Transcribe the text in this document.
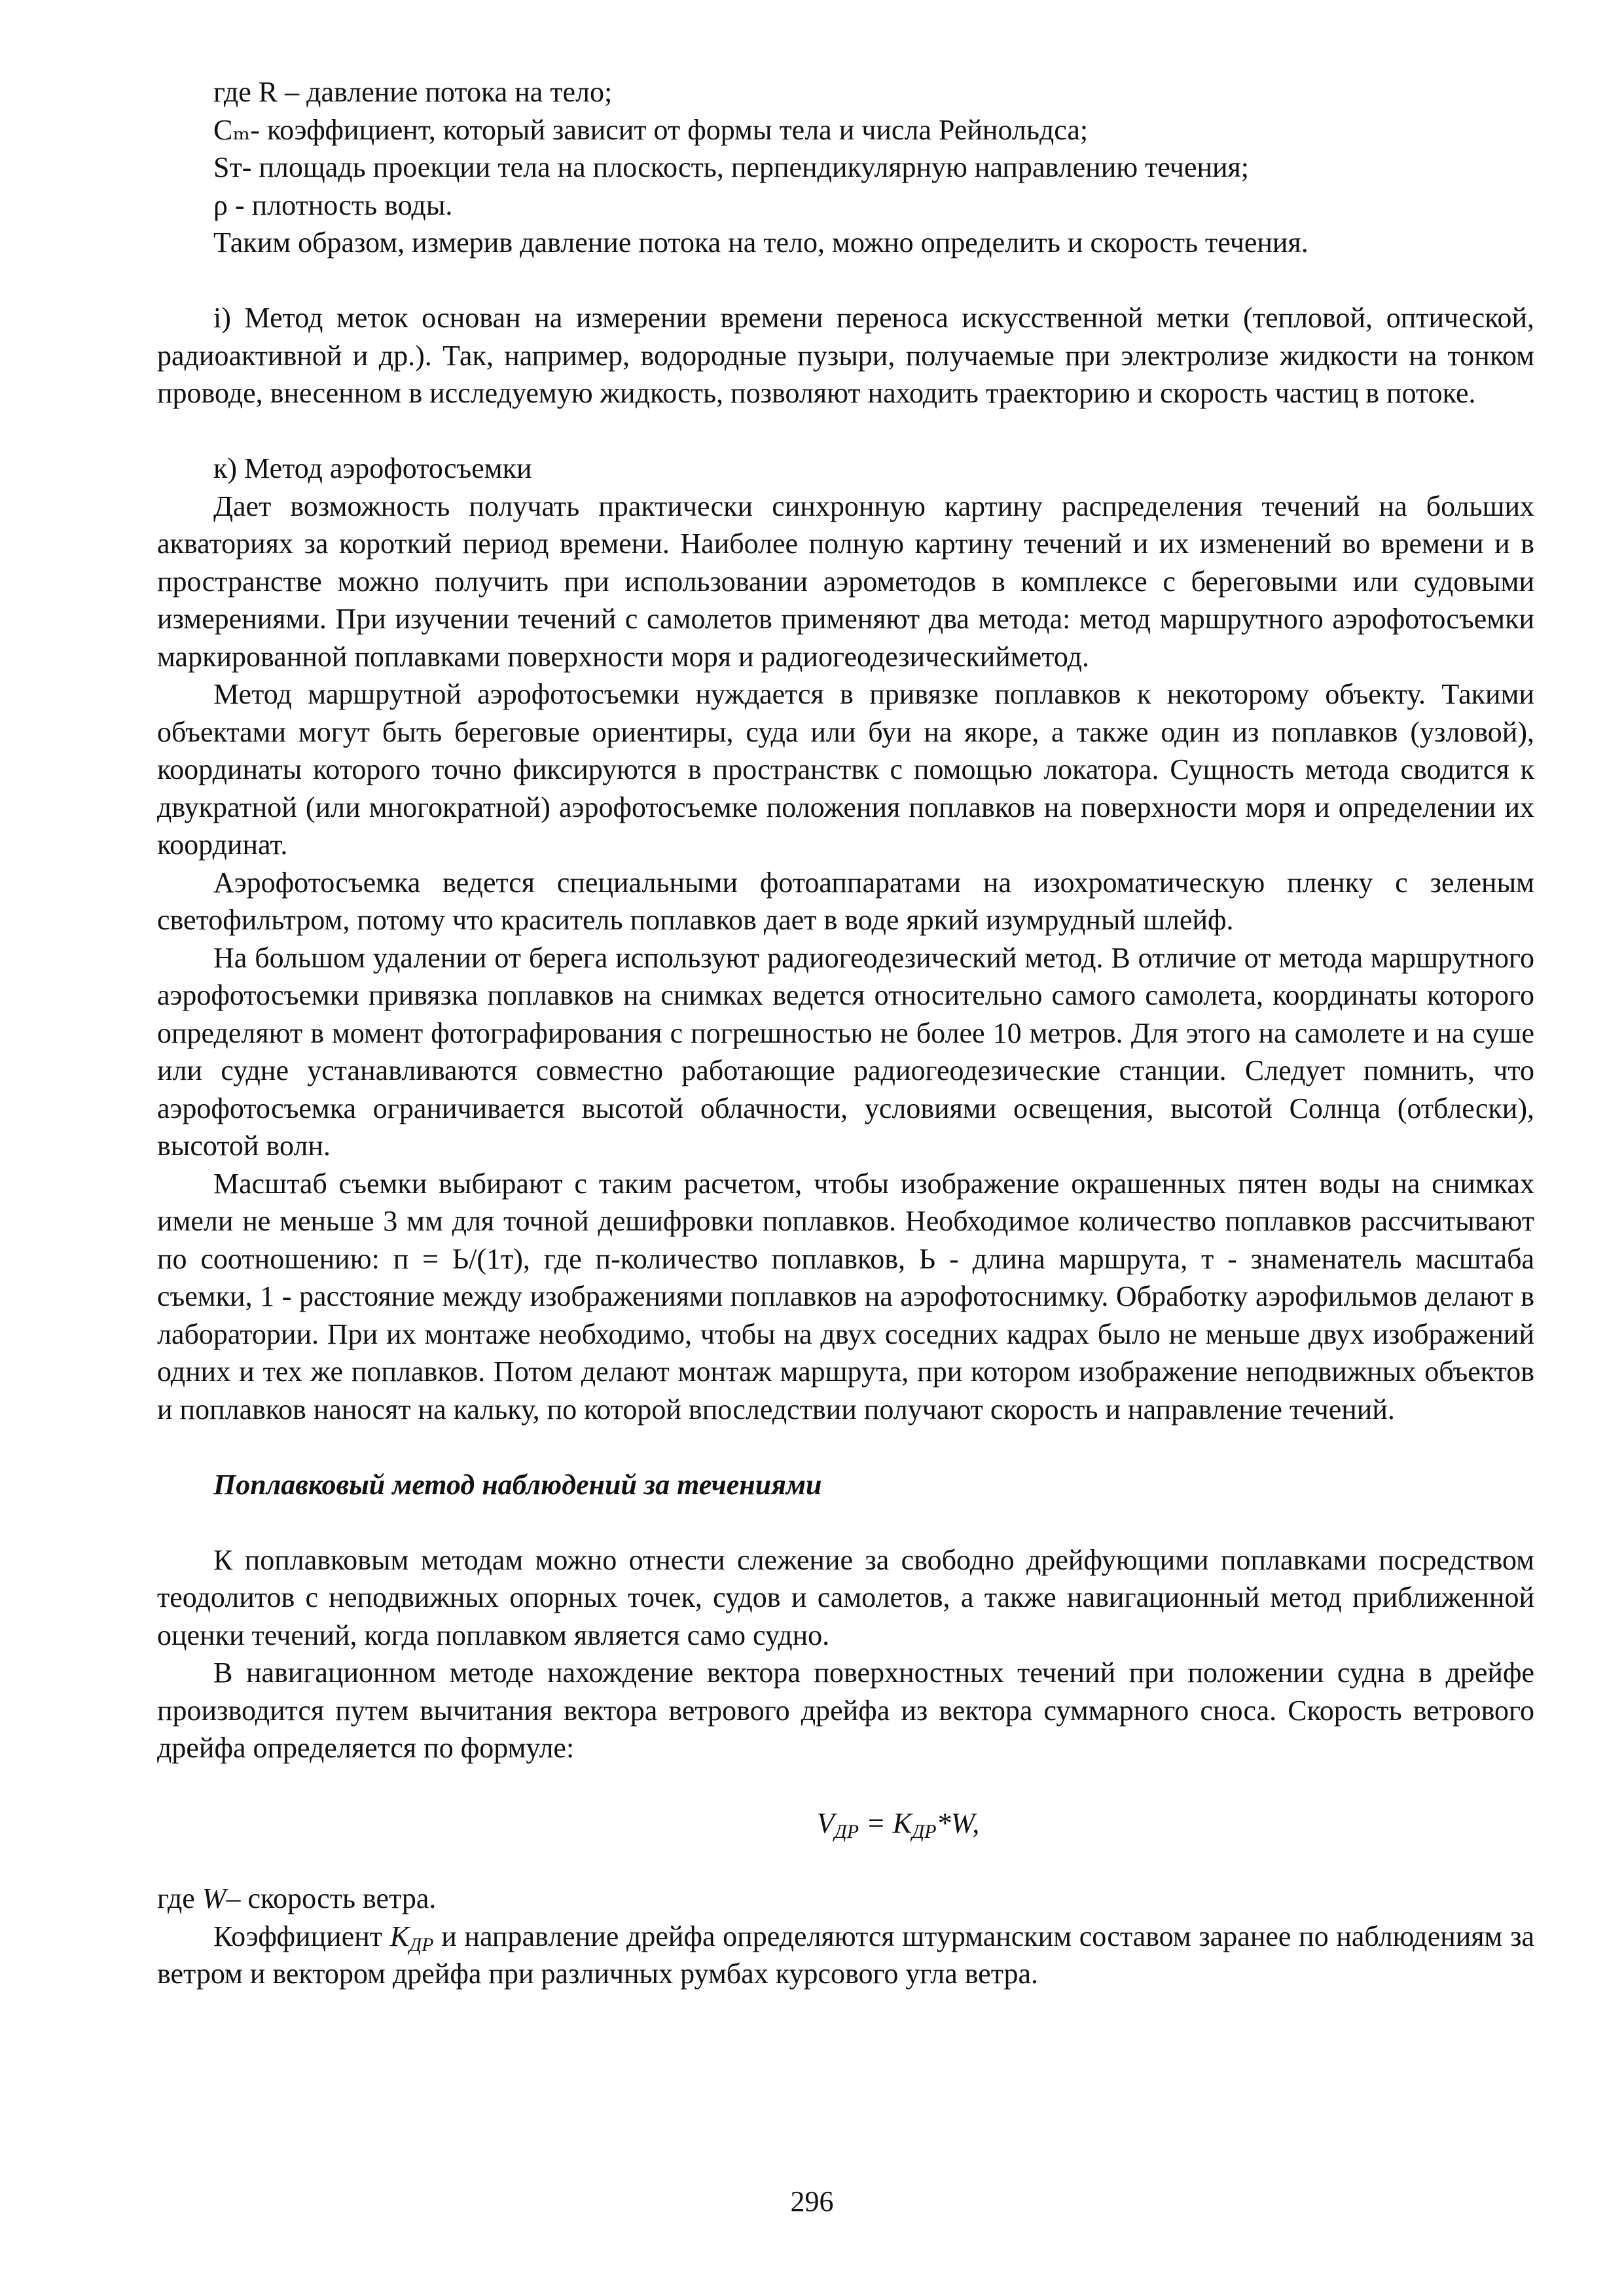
где R – давление потока на тело;

Cₘ- коэффициент, который зависит от формы тела и числа Рейнольдса;

Sт- площадь проекции тела на плоскость, перпендикулярную направлению течения;

ρ - плотность воды.

Таким образом, измерив давление потока на тело, можно определить и скорость течения.

i) Метод меток основан на измерении времени переноса искусственной метки (тепловой, оптической, радиоактивной и др.). Так, например, водородные пузыри, получаемые при электролизе жидкости на тонком проводе, внесенном в исследуемую жидкость, позволяют находить траекторию и скорость частиц в потоке.

к) Метод аэрофотосъемки

Дает возможность получать практически синхронную картину распределения течений на больших акваториях за короткий период времени. Наиболее полную картину течений и их изменений во времени и в пространстве можно получить при использовании аэрометодов в комплексе с береговыми или судовыми измерениями. При изучении течений с самолетов применяют два метода: метод маршрутного аэрофотосъемки маркированной поплавками поверхности моря и радиогеодезическийметод.

Метод маршрутной аэрофотосъемки нуждается в привязке поплавков к некоторому объекту. Такими объектами могут быть береговые ориентиры, суда или буи на якоре, а также один из поплавков (узловой), координаты которого точно фиксируются в пространствк с помощью локатора. Сущность метода сводится к двукратной (или многократной) аэрофотосъемке положения поплавков на поверхности моря и определении их координат.

Аэрофотосъемка ведется специальными фотоаппаратами на изохроматическую пленку с зеленым светофильтром, потому что краситель поплавков дает в воде яркий изумрудный шлейф.

На большом удалении от берега используют радиогеодезический метод. В отличие от метода маршрутного аэрофотосъемки привязка поплавков на снимках ведется относительно самого самолета, координаты которого определяют в момент фотографирования с погрешностью не более 10 метров. Для этого на самолете и на суше или судне устанавливаются совместно работающие радиогеодезические станции. Следует помнить, что аэрофотосъемка ограничивается высотой облачности, условиями освещения, высотой Солнца (отблески), высотой волн.

Масштаб съемки выбирают с таким расчетом, чтобы изображение окрашенных пятен воды на снимках имели не меньше 3 мм для точной дешифровки поплавков. Необходимое количество поплавков рассчитывают по соотношению: п = Ь/(1т), где п-количество поплавков, Ь - длина маршрута, т - знаменатель масштаба съемки, 1 - расстояние между изображениями поплавков на аэрофотоснимку. Обработку аэрофильмов делают в лаборатории. При их монтаже необходимо, чтобы на двух соседних кадрах было не меньше двух изображений одних и тех же поплавков. Потом делают монтаж маршрута, при котором изображение неподвижных объектов и поплавков наносят на кальку, по которой впоследствии получают скорость и направление течений.

Поплавковый метод наблюдений за течениями

К поплавковым методам можно отнести слежение за свободно дрейфующими поплавками посредством теодолитов с неподвижных опорных точек, судов и самолетов, а также навигационный метод приближенной оценки течений, когда поплавком является само судно.

В навигационном методе нахождение вектора поверхностных течений при положении судна в дрейфе производится путем вычитания вектора ветрового дрейфа из вектора суммарного сноса. Скорость ветрового дрейфа определяется по формуле:

$V_{ДР} = K_{ДР}*W$,

где W– скорость ветра.

Коэффициент $K_{ДР}$ и направление дрейфа определяются штурманским составом заранее по наблюдениям за ветром и вектором дрейфа при различных румбах курсового угла ветра.

296
